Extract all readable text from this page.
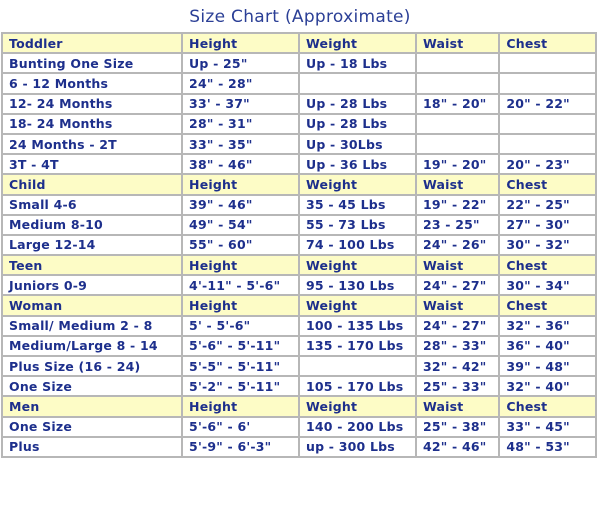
Size Chart (Approximate)
Toddler	Height	Weight	Waist	Chest
Bunting One Size	Up - 25"	Up - 18 Lbs		
6 - 12 Months	24" - 28"			
12- 24 Months	33' - 37"	Up - 28 Lbs	18" - 20"	20" - 22"
18- 24 Months	28" - 31"	Up - 28 Lbs		
24 Months - 2T	33" - 35"	Up - 30Lbs		
3T - 4T	38" - 46"	Up - 36 Lbs	19" - 20"	20" - 23"
Child	Height	Weight	Waist	Chest
Small 4-6	39" - 46"	35 - 45 Lbs	19" - 22"	22" - 25"
Medium 8-10	49" - 54"	55 - 73 Lbs	23 - 25"	27" - 30"
Large 12-14	55" - 60"	74 - 100 Lbs	24" - 26"	30" - 32"
Teen	Height	Weight	Waist	Chest
Juniors 0-9	4'-11" - 5'-6"	95 - 130 Lbs	24" - 27"	30" - 34"
Woman	Height	Weight	Waist	Chest
Small/ Medium 2 - 8	5' - 5'-6"	100 - 135 Lbs	24" - 27"	32" - 36"
Medium/Large 8 - 14	5'-6" - 5'-11"	135 - 170 Lbs	28" - 33"	36" - 40"
Plus Size (16 - 24)	5'-5" - 5'-11"		32" - 42"	39" - 48"
One Size	5'-2" - 5'-11"	105 - 170 Lbs	25" - 33"	32" - 40"
Men	Height	Weight	Waist	Chest
One Size	5'-6" - 6'	140 - 200 Lbs	25" - 38"	33" - 45"
Plus	5'-9" - 6'-3"	up - 300 Lbs	42" - 46"	48" - 53"
